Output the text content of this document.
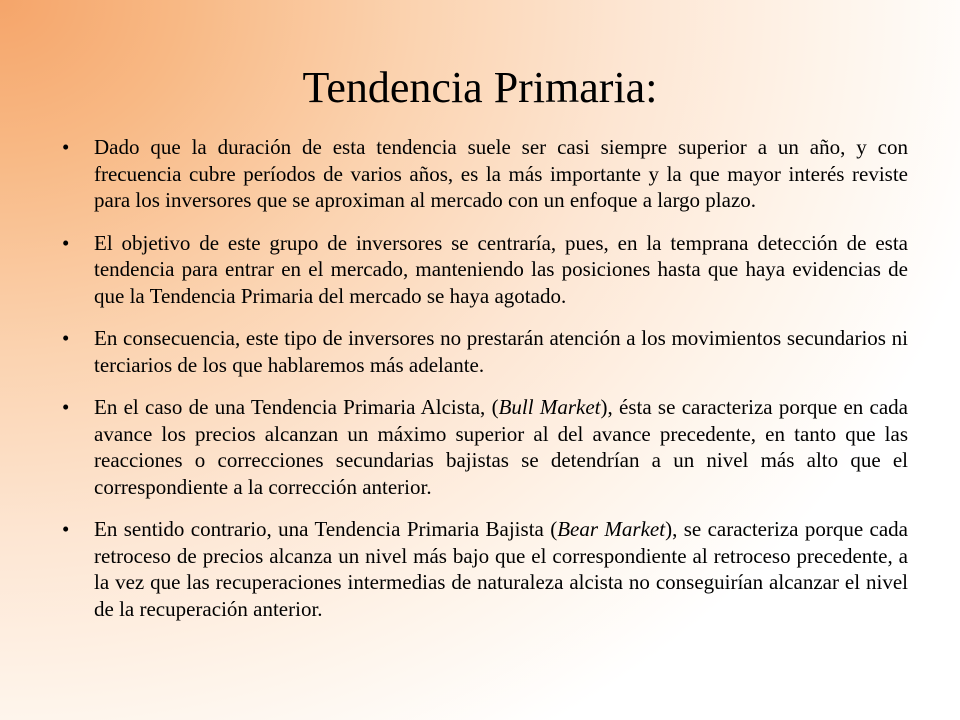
Tendencia Primaria:
• Dado que la duración de esta tendencia suele ser casi siempre superior a un año, y con frecuencia cubre períodos de varios años, es la más importante y la que mayor interés reviste para los inversores que se aproximan al mercado con un enfoque a largo plazo.
• El objetivo de este grupo de inversores se centraría, pues, en la temprana detección de esta tendencia para entrar en el mercado, manteniendo las posiciones hasta que haya evidencias de que la Tendencia Primaria del mercado se haya agotado.
• En consecuencia, este tipo de inversores no prestarán atención a los movimientos secundarios ni terciarios de los que hablaremos más adelante.
• En el caso de una Tendencia Primaria Alcista, (Bull Market), ésta se caracteriza porque en cada avance los precios alcanzan un máximo superior al del avance precedente, en tanto que las reacciones o correcciones secundarias bajistas se detendrían a un nivel más alto que el correspondiente a la corrección anterior.
• En sentido contrario, una Tendencia Primaria Bajista (Bear Market), se caracteriza porque cada retroceso de precios alcanza un nivel más bajo que el correspondiente al retroceso precedente, a la vez que las recuperaciones intermedias de naturaleza alcista no conseguirían alcanzar el nivel de la recuperación anterior.
